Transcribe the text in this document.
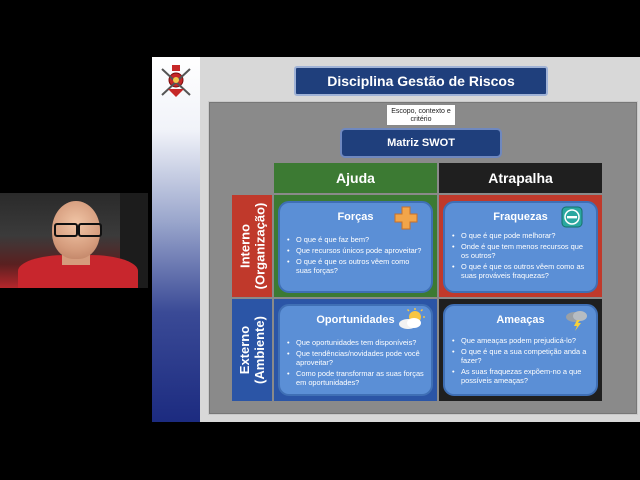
Disciplina Gestão de Riscos
Escopo, contexto e critério
Matriz SWOT
Ajuda	Atrapalha
Interno
(Organização)
Externo
(Ambiente)
Forças
• O que é que faz bem?
• Que recursos únicos pode aproveitar?
• O que é que os outros vêem como suas forças?
Fraquezas
• O que é que pode melhorar?
• Onde é que tem menos recursos que os outros?
• O que é que os outros vêem como as suas prováveis fraquezas?
Oportunidades
• Que oportunidades tem disponíveis?
• Que tendências/novidades pode você aproveitar?
• Como pode transformar as suas forças em oportunidades?
Ameaças
• Que ameaças podem prejudicá-lo?
• O que é que a sua competição anda a fazer?
• As suas fraquezas expõem-no a que possíveis ameaças?
